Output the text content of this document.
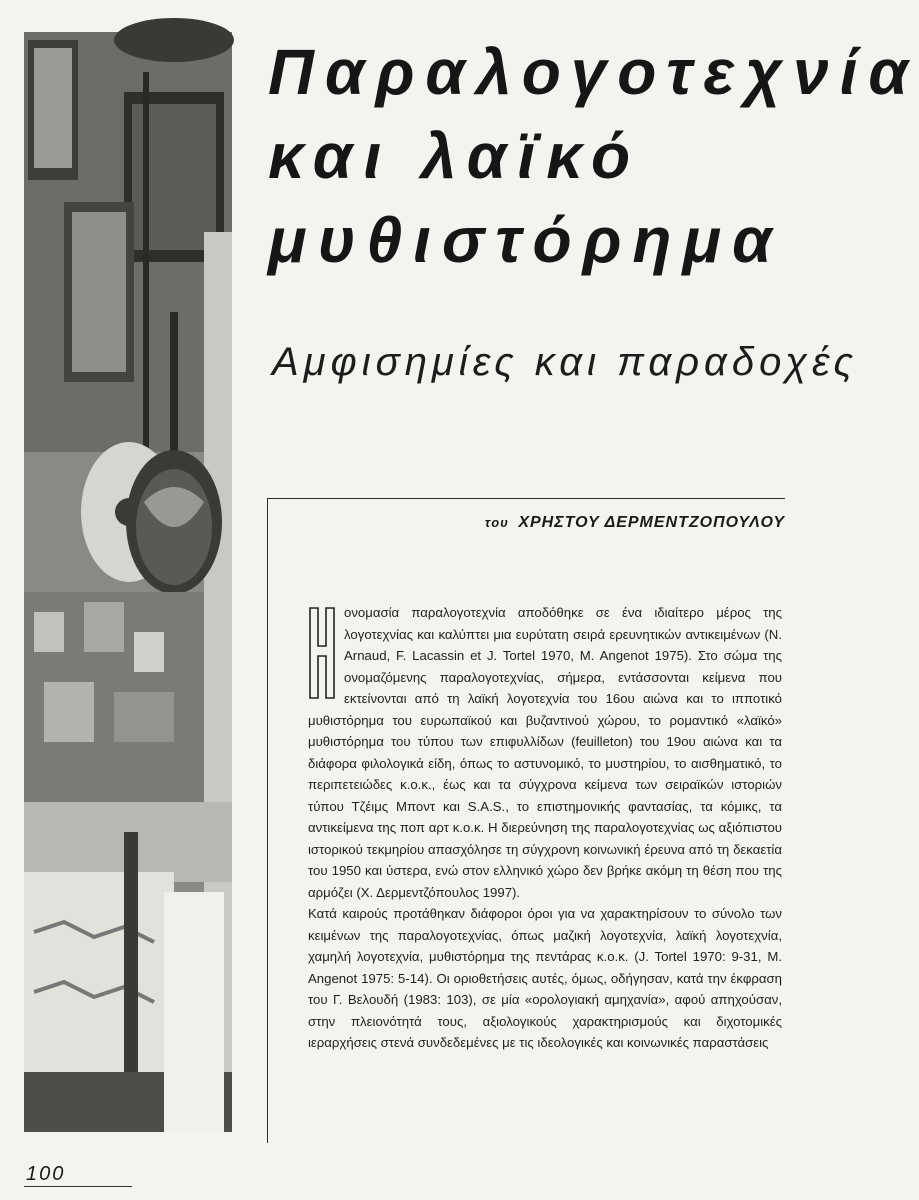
Παραλογοτεχνία
και λαϊκό
μυθιστόρημα
Αμφισημίες και παραδοχές
του ΧΡΗΣΤΟΥ ΔΕΡΜΕΝΤΖΟΠΟΥΛΟΥ

Η
ονομασία παραλογοτεχνία αποδόθηκε σε ένα ιδιαίτερο μέρος της λογοτεχνίας και καλύπτει μια ευρύτατη σειρά ερευνητικών αντικειμένων (N. Arnaud, F. Lacassin et J. Tortel 1970, M. Angenot 1975). Στο σώμα της ονομαζόμενης παραλογοτεχνίας, σήμερα, εντάσσονται κείμενα που εκτείνονται από τη λαϊκή λογοτεχνία του 16ου αιώνα και το ιπποτικό μυθιστόρημα του ευρωπαϊκού και βυζαντινού χώρου, το ρομαντικό «λαϊκό» μυθιστόρημα του τύπου των επιφυλλίδων (feuilleton) του 19ου αιώνα και τα διάφορα φιλολογικά είδη, όπως το αστυνομικό, το μυστηρίου, το αισθηματικό, το περιπετειώδες κ.ο.κ., έως και τα σύγχρονα κείμενα των σειραϊκών ιστοριών τύπου Τζέιμς Μποντ και S.A.S., το επιστημονικής φαντασίας, τα κόμικς, τα αντικείμενα της ποπ αρτ κ.ο.κ. Η διερεύνηση της παραλογοτεχνίας ως αξιόπιστου ιστορικού τεκμηρίου απασχόλησε τη σύγχρονη κοινωνική έρευνα από τη δεκαετία του 1950 και ύστερα, ενώ στον ελληνικό χώρο δεν βρήκε ακόμη τη θέση που της αρμόζει (Χ. Δερμεντζόπουλος 1997).

Κατά καιρούς προτάθηκαν διάφοροι όροι για να χαρακτηρίσουν το σύνολο των κειμένων της παραλογοτεχνίας, όπως μαζική λογοτεχνία, λαϊκή λογοτεχνία, χαμηλή λογοτεχνία, μυθιστόρημα της πεντάρας κ.ο.κ. (J. Tortel 1970: 9-31, M. Angenot 1975: 5-14). Οι οριοθετήσεις αυτές, όμως, οδήγησαν, κατά την έκφραση του Γ. Βελουδή (1983: 103), σε μία «ορολογιακή αμηχανία», αφού απηχούσαν, στην πλειονότητά τους, αξιολογικούς χαρακτηρισμούς και διχοτομικές ιεραρχήσεις στενά συνδεδεμένες με τις ιδεολογικές και κοινωνικές παραστάσεις

100
